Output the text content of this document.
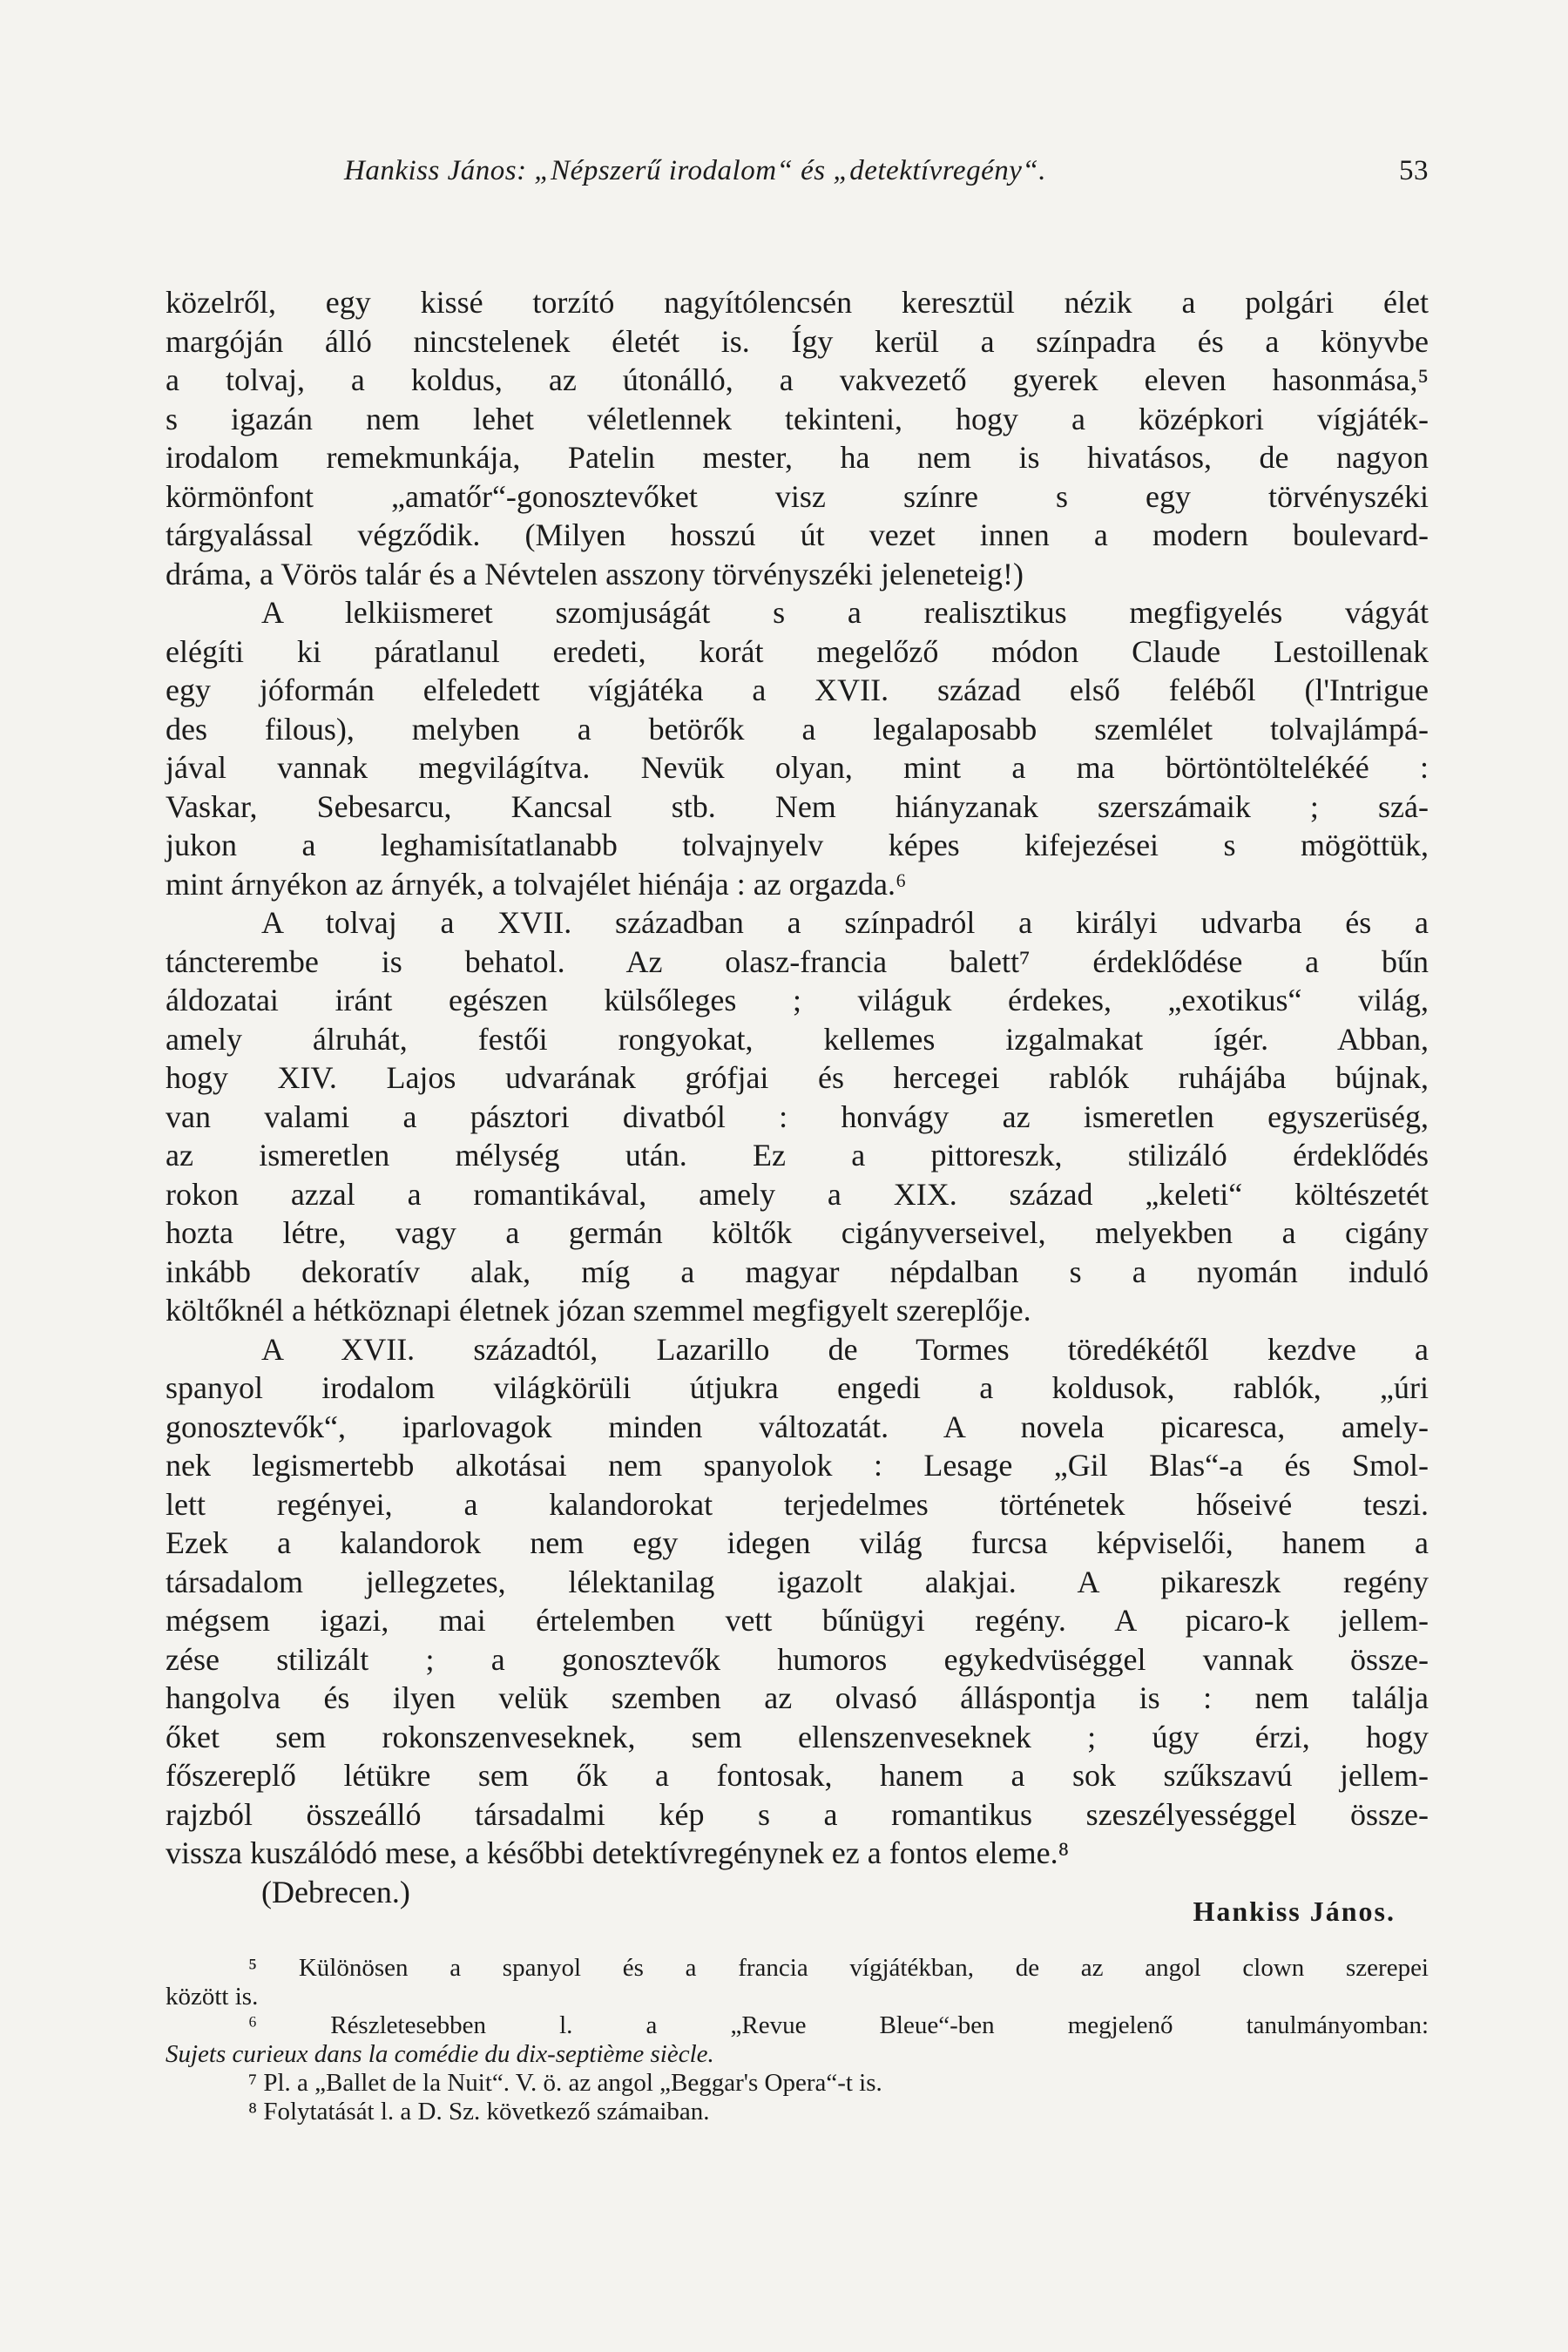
Hankiss János: „Népszerű irodalom“ és „detektívregény“.	53
közelről, egy kissé torzító nagyítólencsén keresztül nézik a polgári élet
margóján álló nincstelenek életét is. Így kerül a színpadra és a könyvbe
a tolvaj, a koldus, az útonálló, a vakvezető gyerek eleven hasonmása,⁵
s igazán nem lehet véletlennek tekinteni, hogy a középkori vígjáték-
irodalom remekmunkája, Patelin mester, ha nem is hivatásos, de nagyon
körmönfont „amatőr“-gonosztevőket visz színre s egy törvényszéki
tárgyalással végződik. (Milyen hosszú út vezet innen a modern boulevard-
dráma, a Vörös talár és a Névtelen asszony törvényszéki jeleneteig!)
A lelkiismeret szomjuságát s a realisztikus megfigyelés vágyát
elégíti ki páratlanul eredeti, korát megelőző módon Claude Lestoillenak
egy jóformán elfeledett vígjátéka a XVII. század első feléből (l'Intrigue
des filous), melyben a betörők a legalaposabb szemlélet tolvajlámpá-
jával vannak megvilágítva. Nevük olyan, mint a ma börtöntöltelékéé :
Vaskar, Sebesarcu, Kancsal stb. Nem hiányzanak szerszámaik ; szá-
jukon a leghamisítatlanabb tolvajnyelv képes kifejezései s mögöttük,
mint árnyékon az árnyék, a tolvajélet hiénája : az orgazda.⁶
A tolvaj a XVII. században a színpadról a királyi udvarba és a
táncterembe is behatol. Az olasz-francia balett⁷ érdeklődése a bűn
áldozatai iránt egészen külsőleges ; világuk érdekes, „exotikus“ világ,
amely álruhát, festői rongyokat, kellemes izgalmakat ígér. Abban,
hogy XIV. Lajos udvarának grófjai és hercegei rablók ruhájába bújnak,
van valami a pásztori divatból : honvágy az ismeretlen egyszerüség,
az ismeretlen mélység után. Ez a pittoreszk, stilizáló érdeklődés
rokon azzal a romantikával, amely a XIX. század „keleti“ költészetét
hozta létre, vagy a germán költők cigányverseivel, melyekben a cigány
inkább dekoratív alak, míg a magyar népdalban s a nyomán induló
költőknél a hétköznapi életnek józan szemmel megfigyelt szereplője.
A XVII. századtól, Lazarillo de Tormes töredékétől kezdve a
spanyol irodalom világkörüli útjukra engedi a koldusok, rablók, „úri
gonosztevők“, iparlovagok minden változatát. A novela picaresca, amely-
nek legismertebb alkotásai nem spanyolok : Lesage „Gil Blas“-a és Smol-
lett regényei, a kalandorokat terjedelmes történetek hőseivé teszi.
Ezek a kalandorok nem egy idegen világ furcsa képviselői, hanem a
társadalom jellegzetes, lélektanilag igazolt alakjai. A pikareszk regény
mégsem igazi, mai értelemben vett bűnügyi regény. A picaro-k jellem-
zése stilizált ; a gonosztevők humoros egykedvüséggel vannak össze-
hangolva és ilyen velük szemben az olvasó álláspontja is : nem találja
őket sem rokonszenveseknek, sem ellenszenveseknek ; úgy érzi, hogy
főszereplő létükre sem ők a fontosak, hanem a sok szűkszavú jellem-
rajzból összeálló társadalmi kép s a romantikus szeszélyességgel össze-
vissza kuszálódó mese, a későbbi detektívregénynek ez a fontos eleme.⁸
(Debrecen.)
Hankiss János.
⁵ Különösen a spanyol és a francia vígjátékban, de az angol clown szerepei
között is.
⁶ Részletesebben l. a „Revue Bleue“-ben megjelenő tanulmányomban:
Sujets curieux dans la comédie du dix-septième siècle.
⁷ Pl. a „Ballet de la Nuit“. V. ö. az angol „Beggar's Opera“-t is.
⁸ Folytatását l. a D. Sz. következő számaiban.
